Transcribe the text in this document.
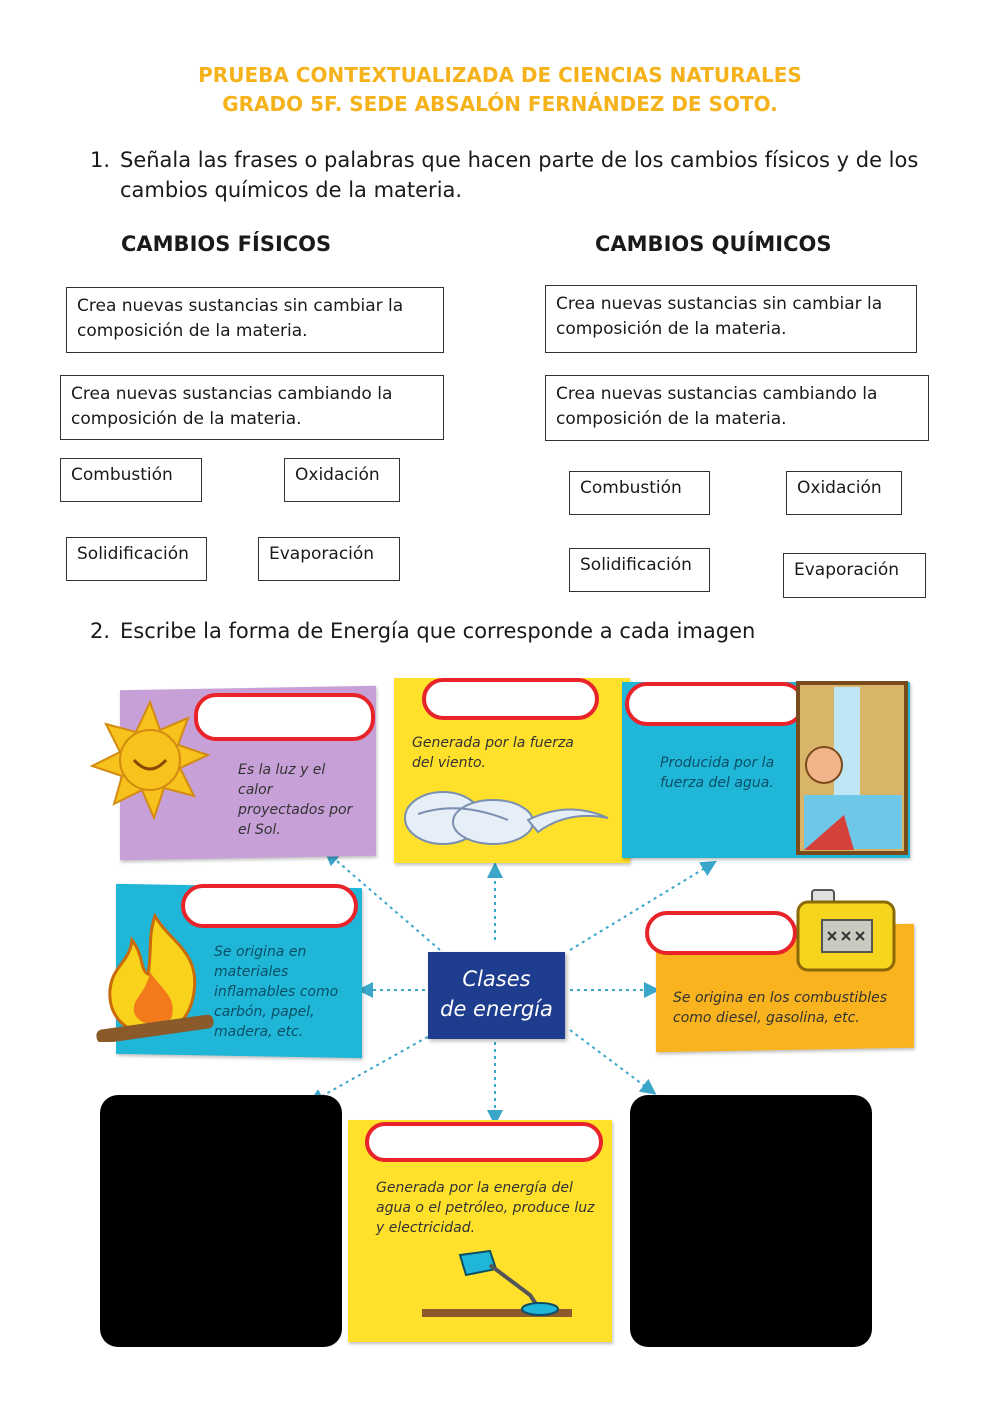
PRUEBA CONTEXTUALIZADA DE CIENCIAS NATURALES
GRADO 5F. SEDE ABSALÓN FERNÁNDEZ DE SOTO.
1. Señala las frases o palabras que hacen parte de los cambios físicos y de los
cambios químicos de la materia.
CAMBIOS FÍSICOS	CAMBIOS QUÍMICOS
Crea nuevas sustancias sin cambiar la composición de la materia.
Crea nuevas sustancias cambiando la composición de la materia.
Combustión	Oxidación
Solidificación	Evaporación
Crea nuevas sustancias sin cambiar la composición de la materia.
Crea nuevas sustancias cambiando la composición de la materia.
Combustión	Oxidación
Solidificación	Evaporación
2. Escribe la forma de Energía que corresponde a cada imagen
Es la luz y el calor proyectados por el Sol.
Generada por la fuerza del viento.	Producida por la fuerza del agua.
Se origina en materiales inflamables como carbón, papel, madera, etc.
Clases
de energía	Se origina en los combustibles como diesel, gasolina, etc.
Generada por la energía del agua o el petróleo, produce luz y electricidad.
